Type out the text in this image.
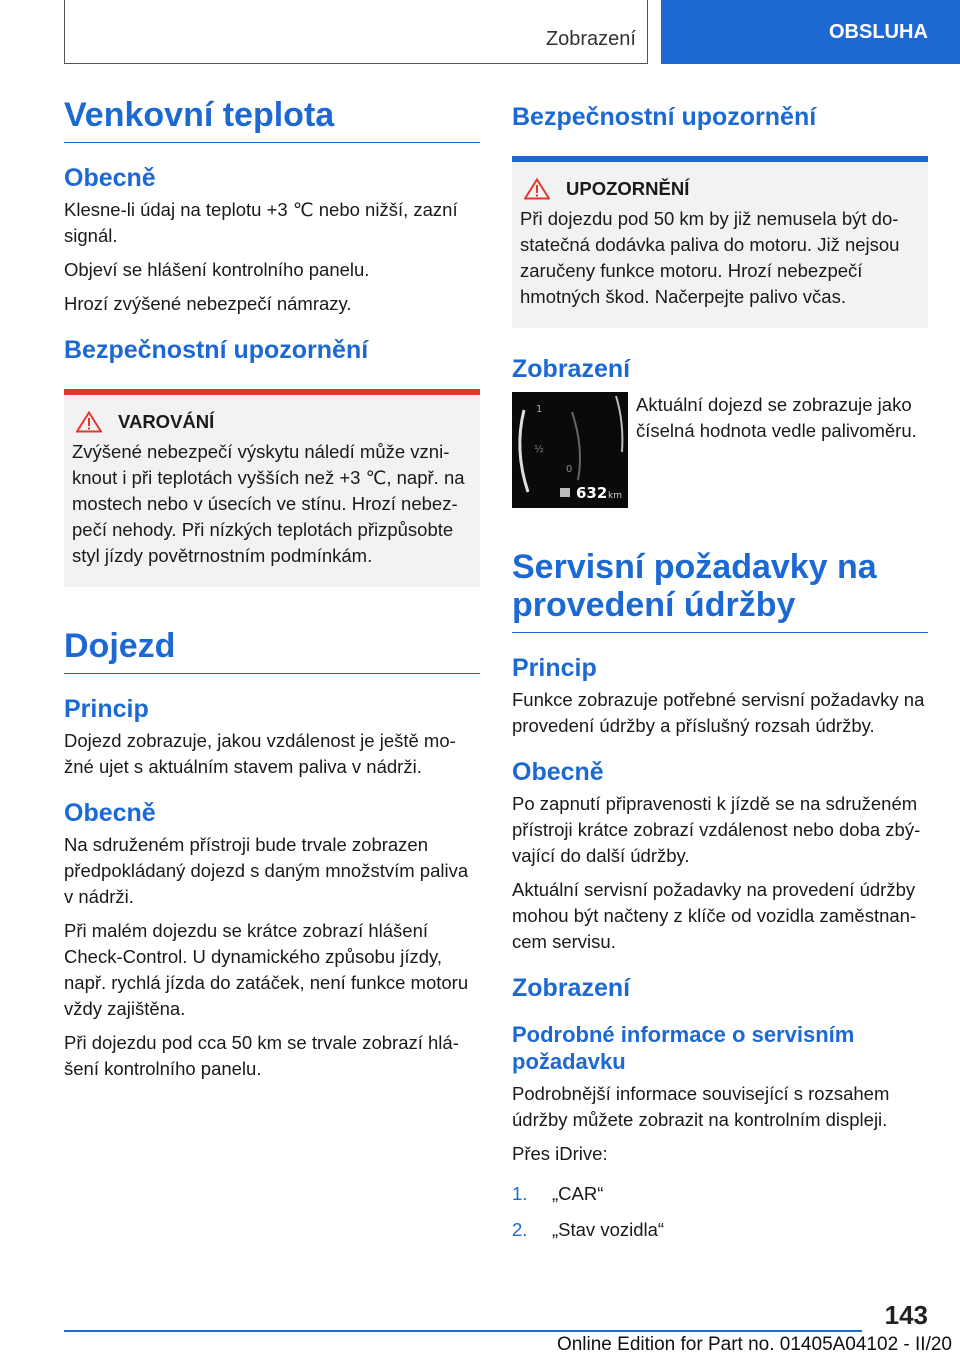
Zobrazení	OBSLUHA
Venkovní teplota
Obecně

Klesne-li údaj na teplotu +3 ℃ nebo nižší, zazní signál.

Objeví se hlášení kontrolního panelu.

Hrozí zvýšené nebezpečí námrazy.

Bezpečnostní upozornění
VAROVÁNÍ
Zvýšené nebezpečí výskytu náledí může vzni-knout i při teplotách vyšších než +3 ℃, např. na mostech nebo v úsecích ve stínu. Hrozí nebez-pečí nehody. Při nízkých teplotách přizpůsobte styl jízdy povětrnostním podmínkám.
Dojezd
Princip

Dojezd zobrazuje, jakou vzdálenost je ještě mo-žné ujet s aktuálním stavem paliva v nádrži.

Obecně

Na sdruženém přístroji bude trvale zobrazen předpokládaný dojezd s daným množstvím paliva v nádrži.

Při malém dojezdu se krátce zobrazí hlášení Check-Control. U dynamického způsobu jízdy, např. rychlá jízda do zatáček, není funkce motoru vždy zajištěna.

Při dojezdu pod cca 50 km se trvale zobrazí hlá-šení kontrolního panelu.

Bezpečnostní upozornění
UPOZORNĚNÍ
Při dojezdu pod 50 km by již nemusela být do-statečná dodávka paliva do motoru. Již nejsou zaručeny funkce motoru. Hrozí nebezpečí hmotných škod. Načerpejte palivo včas.
Zobrazení
1
½
0
632 km
Aktuální dojezd se zobrazuje jako číselná hodnota vedle palivoměru.
Servisní požadavky na provedení údržby
Princip

Funkce zobrazuje potřebné servisní požadavky na provedení údržby a příslušný rozsah údržby.

Obecně

Po zapnutí připravenosti k jízdě se na sdruženém přístroji krátce zobrazí vzdálenost nebo doba zbý-vající do další údržby.

Aktuální servisní požadavky na provedení údržby mohou být načteny z klíče od vozidla zaměstnan-cem servisu.

Zobrazení
Podrobné informace o servisním požadavku

Podrobnější informace související s rozsahem údržby můžete zobrazit na kontrolním displeji.

Přes iDrive:

1.	„CAR“
2.	„Stav vozidla“
143
Online Edition for Part no. 01405A04102 - II/20
